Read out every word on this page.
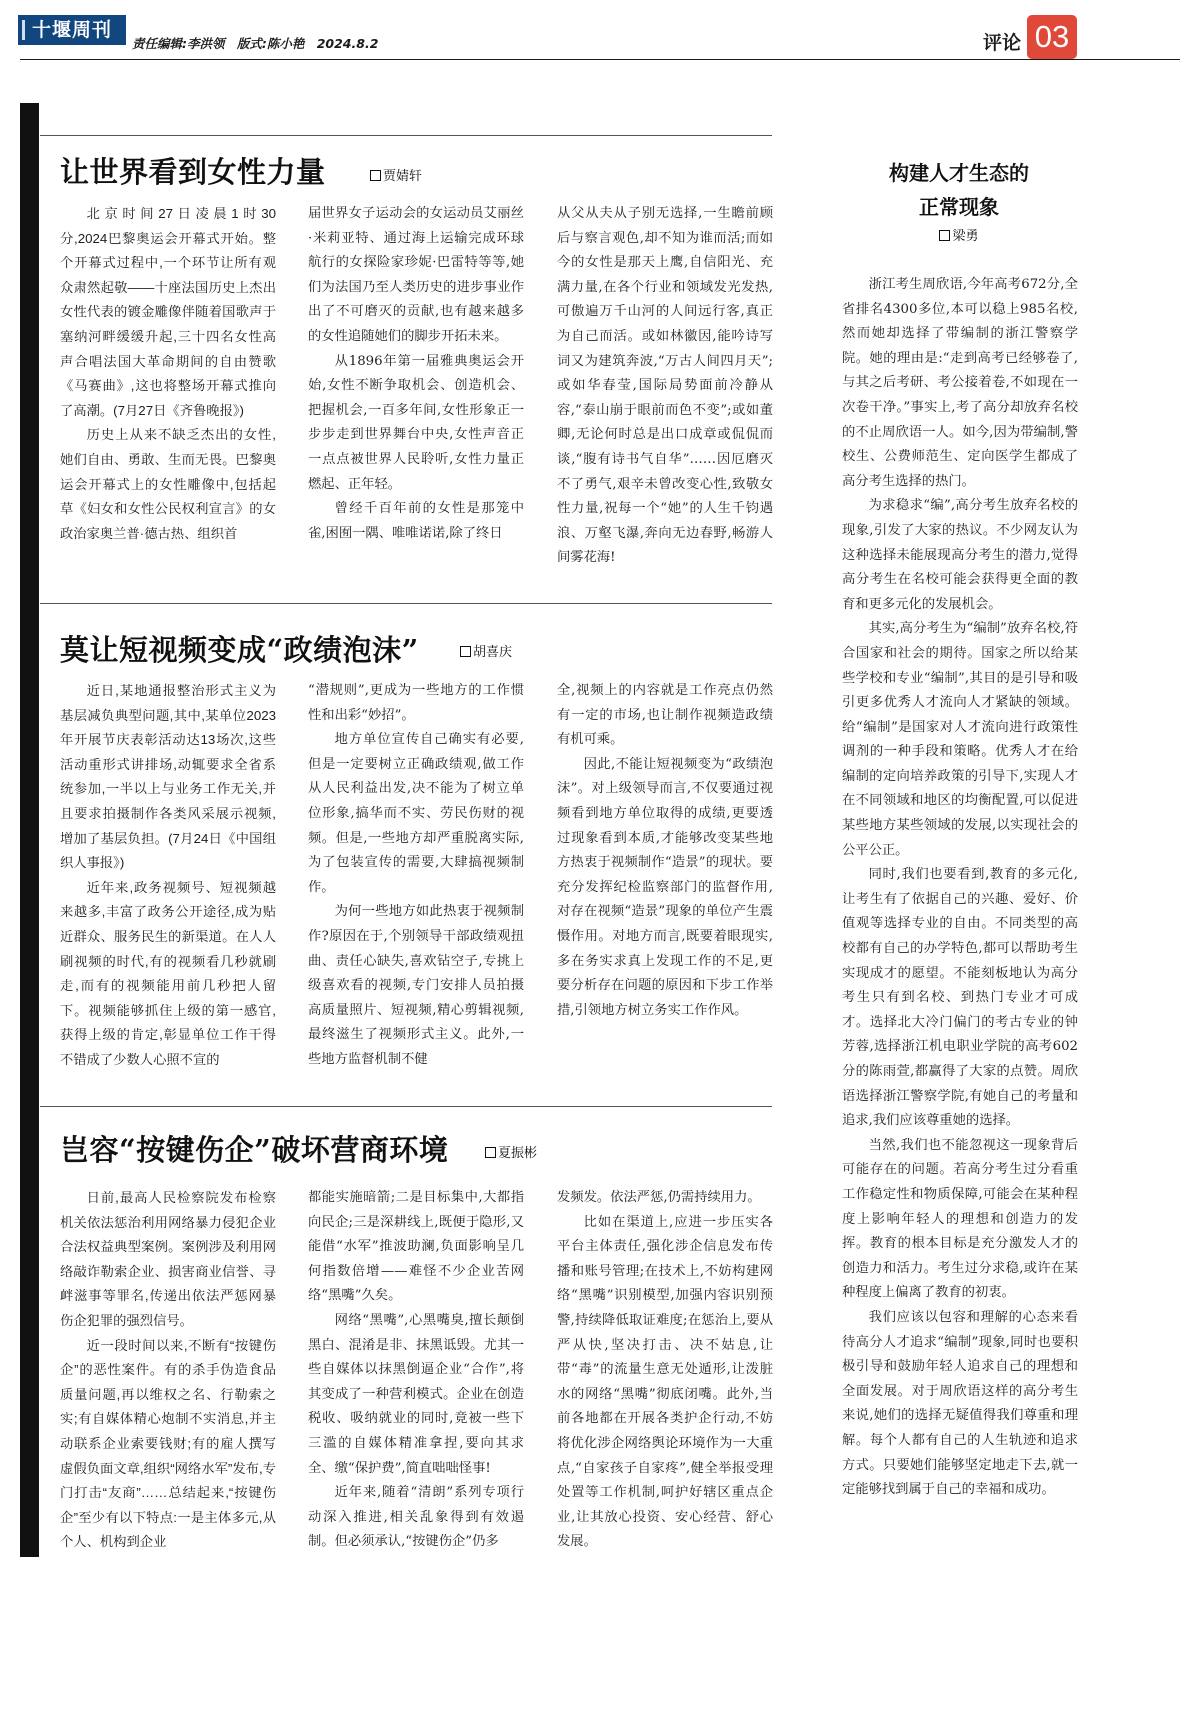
十堰周刊
责任编辑:李洪领 版式:陈小艳 2024.8.2	评论 03
让世界看到女性力量	贾婧轩

北京时间27日凌晨1时30分,2024巴黎奥运会开幕式开始。整个开幕式过程中,一个环节让所有观众肃然起敬——十座法国历史上杰出女性代表的镀金雕像伴随着国歌声于塞纳河畔缓缓升起,三十四名女性高声合唱法国大革命期间的自由赞歌《马赛曲》,这也将整场开幕式推向了高潮。(7月27日《齐鲁晚报》)

历史上从来不缺乏杰出的女性,她们自由、勇敢、生而无畏。巴黎奥运会开幕式上的女性雕像中,包括起草《妇女和女性公民权利宣言》的女政治家奥兰普·德古热、组织首

届世界女子运动会的女运动员艾丽丝·米莉亚特、通过海上运输完成环球航行的女探险家珍妮·巴雷特等等,她们为法国乃至人类历史的进步事业作出了不可磨灭的贡献,也有越来越多的女性追随她们的脚步开拓未来。

从1896年第一届雅典奥运会开始,女性不断争取机会、创造机会、把握机会,一百多年间,女性形象正一步步走到世界舞台中央,女性声音正一点点被世界人民聆听,女性力量正燃起、正年轻。

曾经千百年前的女性是那笼中雀,困囿一隅、唯唯诺诺,除了终日

从父从夫从子别无选择,一生瞻前顾后与察言观色,却不知为谁而活;而如今的女性是那天上鹰,自信阳光、充满力量,在各个行业和领域发光发热,可傲遍万千山河的人间远行客,真正为自己而活。或如林徽因,能吟诗写词又为建筑奔波,“万古人间四月天”;或如华春莹,国际局势面前冷静从容,“泰山崩于眼前而色不变”;或如董卿,无论何时总是出口成章或侃侃而谈,“腹有诗书气自华”……因厄磨灭不了勇气,艰辛未曾改变心性,致敬女性力量,祝每一个“她”的人生千钧遇浪、万壑飞瀑,奔向无边春野,畅游人间雾花海!

莫让短视频变成“政绩泡沫”	胡喜庆

近日,某地通报整治形式主义为基层减负典型问题,其中,某单位2023年开展节庆表彰活动达13场次,这些活动重形式讲排场,动辄要求全省系统参加,一半以上与业务工作无关,并且要求拍摄制作各类风采展示视频,增加了基层负担。(7月24日《中国组织人事报》)

近年来,政务视频号、短视频越来越多,丰富了政务公开途径,成为贴近群众、服务民生的新渠道。在人人刷视频的时代,有的视频看几秒就刷走,而有的视频能用前几秒把人留下。视频能够抓住上级的第一感官,获得上级的肯定,彰显单位工作干得不错成了少数人心照不宣的

“潜规则”,更成为一些地方的工作惯性和出彩“妙招”。

地方单位宣传自己确实有必要,但是一定要树立正确政绩观,做工作从人民利益出发,决不能为了树立单位形象,搞华而不实、劳民伤财的视频。但是,一些地方却严重脱离实际,为了包装宣传的需要,大肆搞视频制作。

为何一些地方如此热衷于视频制作?原因在于,个别领导干部政绩观扭曲、责任心缺失,喜欢钻空子,专挑上级喜欢看的视频,专门安排人员拍摄高质量照片、短视频,精心剪辑视频,最终滋生了视频形式主义。此外,一些地方监督机制不健

全,视频上的内容就是工作亮点仍然有一定的市场,也让制作视频造政绩有机可乘。

因此,不能让短视频变为“政绩泡沫”。对上级领导而言,不仅要通过视频看到地方单位取得的成绩,更要透过现象看到本质,才能够改变某些地方热衷于视频制作“造景”的现状。要充分发挥纪检监察部门的监督作用,对存在视频“造景”现象的单位产生震慑作用。对地方而言,既要着眼现实,多在务实求真上发现工作的不足,更要分析存在问题的原因和下步工作举措,引领地方树立务实工作作风。

岂容“按键伤企”破坏营商环境	夏振彬

日前,最高人民检察院发布检察机关依法惩治利用网络暴力侵犯企业合法权益典型案例。案例涉及利用网络敲诈勒索企业、损害商业信誉、寻衅滋事等罪名,传递出依法严惩网暴伤企犯罪的强烈信号。

近一段时间以来,不断有“按键伤企”的恶性案件。有的杀手伪造食品质量问题,再以维权之名、行勒索之实;有自媒体精心炮制不实消息,并主动联系企业索要钱财;有的雇人撰写虚假负面文章,组织“网络水军”发布,专门打击“友商”……总结起来,“按键伤企”至少有以下特点:一是主体多元,从个人、机构到企业

都能实施暗箭;二是目标集中,大都指向民企;三是深耕线上,既便于隐形,又能借“水军”推波助澜,负面影响呈几何指数倍增——难怪不少企业苦网络“黑嘴”久矣。

网络“黑嘴”,心黑嘴臭,擅长颠倒黑白、混淆是非、抹黑诋毁。尤其一些自媒体以抹黑倒逼企业“合作”,将其变成了一种营利模式。企业在创造税收、吸纳就业的同时,竟被一些下三滥的自媒体精准拿捏,要向其求全、缴“保护费”,简直咄咄怪事!

近年来,随着“清朗”系列专项行动深入推进,相关乱象得到有效遏制。但必须承认,“按键伤企”仍多

发频发。依法严惩,仍需持续用力。

比如在渠道上,应进一步压实各平台主体责任,强化涉企信息发布传播和账号管理;在技术上,不妨构建网络“黑嘴”识别模型,加强内容识别预警,持续降低取证难度;在惩治上,要从严从快,坚决打击、决不姑息,让带“毒”的流量生意无处遁形,让泼脏水的网络“黑嘴”彻底闭嘴。此外,当前各地都在开展各类护企行动,不妨将优化涉企网络舆论环境作为一大重点,“自家孩子自家疼”,健全举报受理处置等工作机制,呵护好辖区重点企业,让其放心投资、安心经营、舒心发展。

构建人才生态的
正常现象
梁勇

浙江考生周欣语,今年高考672分,全省排名4300多位,本可以稳上985名校,然而她却选择了带编制的浙江警察学院。她的理由是:“走到高考已经够卷了,与其之后考研、考公接着卷,不如现在一次卷干净。”事实上,考了高分却放弃名校的不止周欣语一人。如今,因为带编制,警校生、公费师范生、定向医学生都成了高分考生选择的热门。

为求稳求“编”,高分考生放弃名校的现象,引发了大家的热议。不少网友认为这种选择未能展现高分考生的潜力,觉得高分考生在名校可能会获得更全面的教育和更多元化的发展机会。

其实,高分考生为“编制”放弃名校,符合国家和社会的期待。国家之所以给某些学校和专业“编制”,其目的是引导和吸引更多优秀人才流向人才紧缺的领域。给“编制”是国家对人才流向进行政策性调剂的一种手段和策略。优秀人才在给编制的定向培养政策的引导下,实现人才在不同领域和地区的均衡配置,可以促进某些地方某些领域的发展,以实现社会的公平公正。

同时,我们也要看到,教育的多元化,让考生有了依据自己的兴趣、爱好、价值观等选择专业的自由。不同类型的高校都有自己的办学特色,都可以帮助考生实现成才的愿望。不能刻板地认为高分考生只有到名校、到热门专业才可成才。选择北大冷门偏门的考古专业的钟芳蓉,选择浙江机电职业学院的高考602分的陈雨萱,都赢得了大家的点赞。周欣语选择浙江警察学院,有她自己的考量和追求,我们应该尊重她的选择。

当然,我们也不能忽视这一现象背后可能存在的问题。若高分考生过分看重工作稳定性和物质保障,可能会在某种程度上影响年轻人的理想和创造力的发挥。教育的根本目标是充分激发人才的创造力和活力。考生过分求稳,或许在某种程度上偏离了教育的初衷。

我们应该以包容和理解的心态来看待高分人才追求“编制”现象,同时也要积极引导和鼓励年轻人追求自己的理想和全面发展。对于周欣语这样的高分考生来说,她们的选择无疑值得我们尊重和理解。每个人都有自己的人生轨迹和追求方式。只要她们能够坚定地走下去,就一定能够找到属于自己的幸福和成功。
